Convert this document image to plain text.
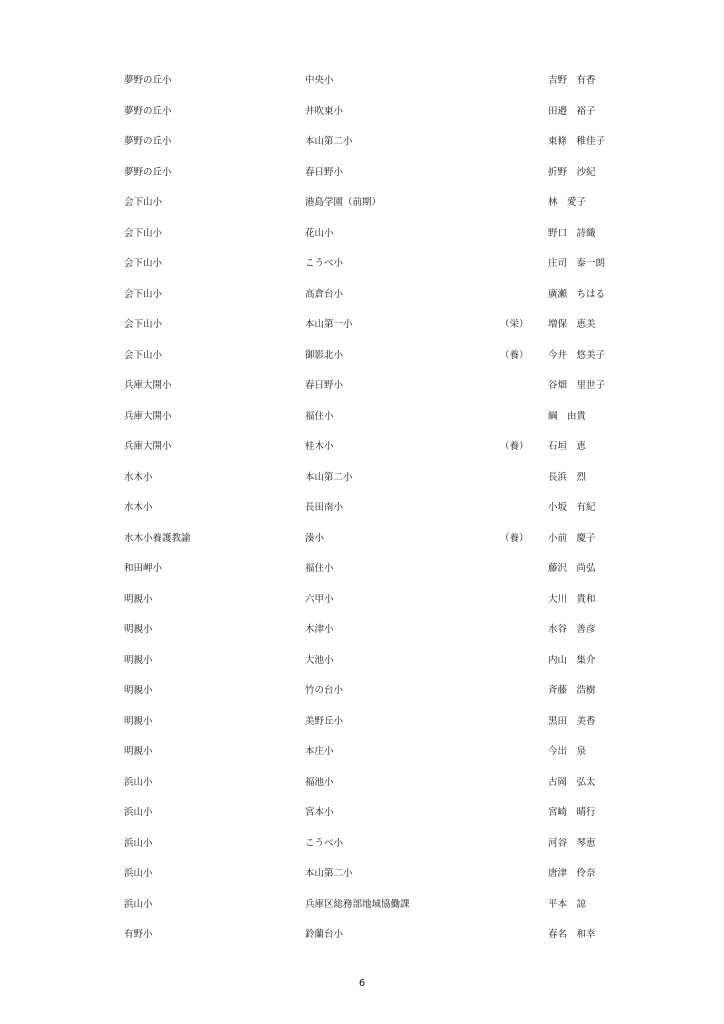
夢野の丘小	中央小	吉野　有香
夢野の丘小	井吹東小	田邉　裕子
夢野の丘小	本山第二小	東條　稚佳子
夢野の丘小	春日野小	折野　沙紀
会下山小	港島学園（前期）	林　愛子
会下山小	花山小	野口　詩織
会下山小	こうべ小	庄司　泰一朗
会下山小	高倉台小	廣瀬　ちはる
会下山小	本山第一小	（栄） 増保　恵美
会下山小	御影北小	（養） 今井　悠美子
兵庫大開小	春日野小	谷畑　里世子
兵庫大開小	福住小	綱　由貴
兵庫大開小	桂木小	（養） 石垣　恵
水木小	本山第二小	長浜　烈
水木小	長田南小	小坂　有紀
水木小養護教諭	湊小	（養） 小前　慶子
和田岬小	福住小	藤沢　尚弘
明親小	六甲小	大川　貴和
明親小	木津小	水谷　善彦
明親小	大池小	内山　集介
明親小	竹の台小	斉藤　浩樹
明親小	美野丘小	黒田　美香
明親小	本庄小	今出　泉
浜山小	福池小	古岡　弘太
浜山小	宮本小	宮崎　晴行
浜山小	こうべ小	河谷　琴恵
浜山小	本山第二小	唐津　伶奈
浜山小	兵庫区総務部地域協働課	平本　諒
有野小	鈴蘭台小	春名　和幸
6
